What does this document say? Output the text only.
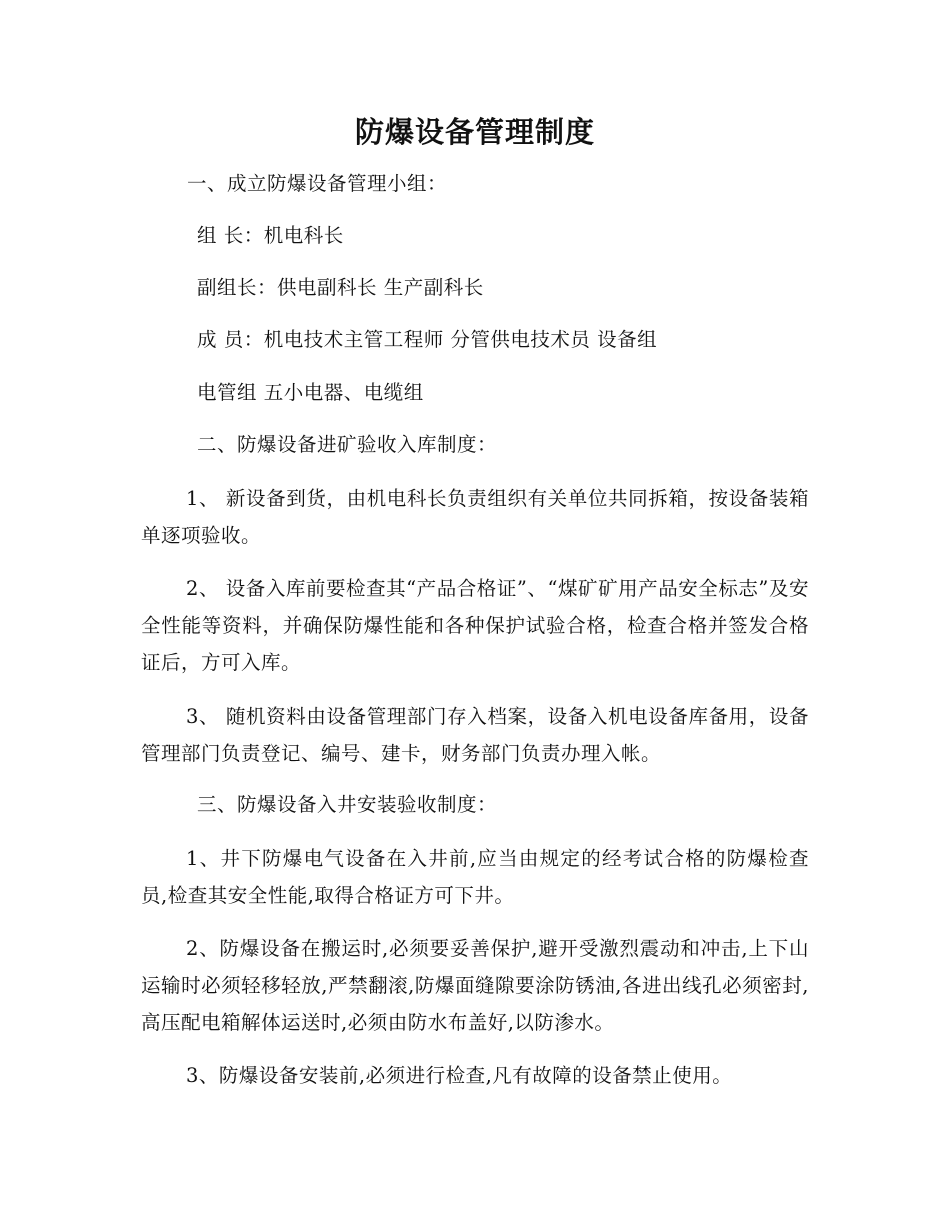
防爆设备管理制度
一、成立防爆设备管理小组：
组 长：机电科长
副组长：供电副科长 生产副科长
成 员：机电技术主管工程师 分管供电技术员 设备组
电管组 五小电器、电缆组
二、防爆设备进矿验收入库制度：
1、 新设备到货，由机电科长负责组织有关单位共同拆箱，按设备装箱单逐项验收。
2、 设备入库前要检查其“产品合格证”、“煤矿矿用产品安全标志”及安全性能等资料，并确保防爆性能和各种保护试验合格，检查合格并签发合格证后，方可入库。
3、 随机资料由设备管理部门存入档案，设备入机电设备库备用，设备管理部门负责登记、编号、建卡，财务部门负责办理入帐。
三、防爆设备入井安装验收制度：
1、井下防爆电气设备在入井前,应当由规定的经考试合格的防爆检查员,检查其安全性能,取得合格证方可下井。
2、防爆设备在搬运时,必须要妥善保护,避开受激烈震动和冲击,上下山运输时必须轻移轻放,严禁翻滚,防爆面缝隙要涂防锈油,各进出线孔必须密封,高压配电箱解体运送时,必须由防水布盖好,以防渗水。
3、防爆设备安装前,必须进行检查,凡有故障的设备禁止使用。
